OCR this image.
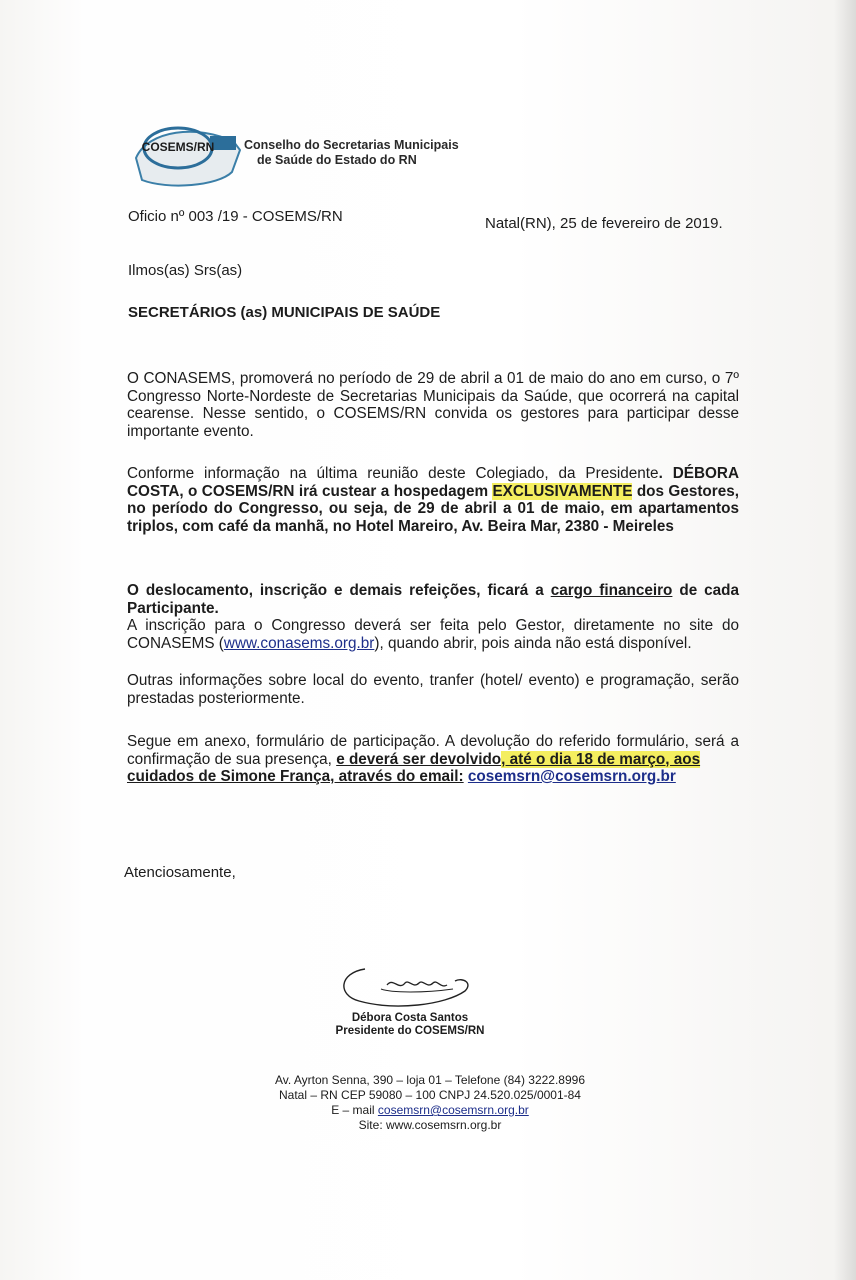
COSEMS/RN Conselho do Secretarias Municipais
de Saúde do Estado do RN
Oficio nº 003 /19 - COSEMS/RN	Natal(RN), 25 de fevereiro de 2019.
Ilmos(as) Srs(as)
SECRETÁRIOS (as) MUNICIPAIS DE SAÚDE
O CONASEMS, promoverá no período de 29 de abril a 01 de maio do ano em curso, o 7º Congresso Norte-Nordeste de Secretarias Municipais da Saúde, que ocorrerá na capital cearense. Nesse sentido, o COSEMS/RN convida os gestores para participar desse importante evento.
Conforme informação na última reunião deste Colegiado, da Presidente. DÉBORA COSTA, o COSEMS/RN irá custear a hospedagem EXCLUSIVAMENTE dos Gestores, no período do Congresso, ou seja, de 29 de abril a 01 de maio, em apartamentos triplos, com café da manhã, no Hotel Mareiro, Av. Beira Mar, 2380 - Meireles
O deslocamento, inscrição e demais refeições, ficará a cargo financeiro de cada Participante.
A inscrição para o Congresso deverá ser feita pelo Gestor, diretamente no site do CONASEMS (www.conasems.org.br), quando abrir, pois ainda não está disponível.
Outras informações sobre local do evento, tranfer (hotel/ evento) e programação, serão prestadas posteriormente.
Segue em anexo, formulário de participação. A devolução do referido formulário, será a confirmação de sua presença, e deverá ser devolvido, até o dia 18 de março, aos
cuidados de Simone França, através do email: cosemsrn@cosemsrn.org.br
Atenciosamente,
Débora Costa Santos
Presidente do COSEMS/RN
Av. Ayrton Senna, 390 – loja 01 – Telefone (84) 3222.8996
Natal – RN CEP 59080 – 100 CNPJ 24.520.025/0001-84
E – mail cosemsrn@cosemsrn.org.br
Site: www.cosemsrn.org.br
